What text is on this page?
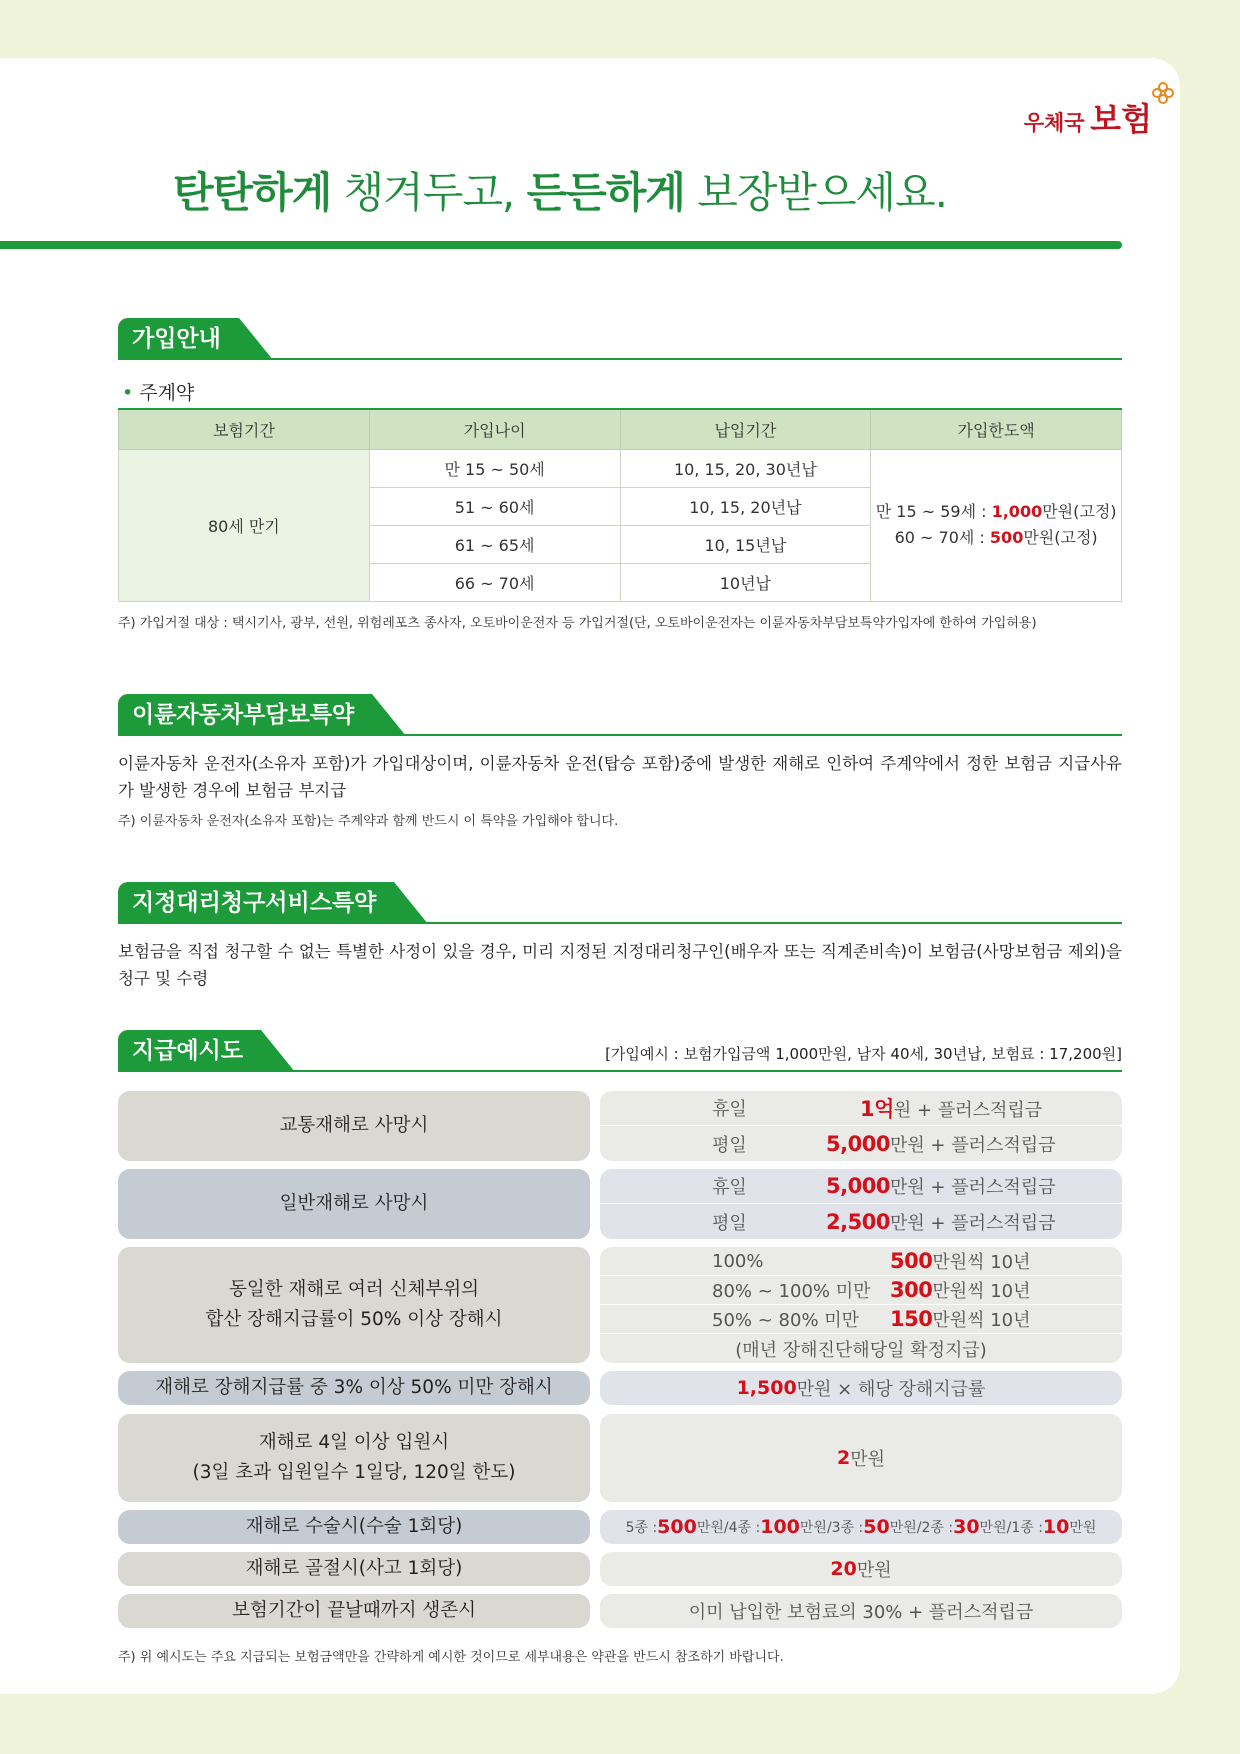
우체국 보험
탄탄하게 챙겨두고, 든든하게 보장받으세요.
가입안내
• 주계약
보험기간	가입나이	납입기간	가입한도액
80세 만기	만 15 ~ 50세	10, 15, 20, 30년납	만 15 ~ 59세 : 1,000만원(고정)
60 ~ 70세 : 500만원(고정)

	51 ~ 60세	10, 15, 20년납	
	61 ~ 65세	10, 15년납	
	66 ~ 70세	10년납	
주) 가입거절 대상 : 택시기사, 광부, 선원, 위험레포츠 종사자, 오토바이운전자 등 가입거절(단, 오토바이운전자는 이륜자동차부담보특약가입자에 한하여 가입허용)
이륜자동차부담보특약
이륜자동차 운전자(소유자 포함)가 가입대상이며, 이륜자동차 운전(탑승 포함)중에 발생한 재해로 인하여 주계약에서 정한 보험금 지급사유가 발생한 경우에 보험금 부지급
주) 이륜자동차 운전자(소유자 포함)는 주계약과 함께 반드시 이 특약을 가입해야 합니다.
지정대리청구서비스특약
보험금을 직접 청구할 수 없는 특별한 사정이 있을 경우, 미리 지정된 지정대리청구인(배우자 또는 직계존비속)이 보험금(사망보험금 제외)을 청구 및 수령
지급예시도	[가입예시 : 보험가입금액 1,000만원, 남자 40세, 30년납, 보험료 : 17,200원]
교통재해로 사망시
휴일	1억원 + 플러스적립금
평일	5,000만원 + 플러스적립금
일반재해로 사망시
휴일	5,000만원 + 플러스적립금
평일	2,500만원 + 플러스적립금
동일한 재해로 여러 신체부위의
합산 장해지급률이 50% 이상 장해시
100%	500만원씩 10년
80% ~ 100% 미만 300만원씩 10년
50% ~ 80% 미만 150만원씩 10년
(매년 장해진단해당일 확정지급)
재해로 장해지급률 중 3% 이상 50% 미만 장해시	1,500 만원 × 해당 장해지급률
재해로 4일 이상 입원시
(3일 초과 입원일수 1일당, 120일 한도)
2 만원
재해로 수술시(수술 1회당)	5종 : 500 만원/ 4종 : 100 만원/ 3종 : 50 만원/ 2종 : 30 만원/ 1종 : 10 만원
재해로 골절시(사고 1회당)	20 만원
보험기간이 끝날때까지 생존시	이미 납입한 보험료의 30% + 플러스적립금
주) 위 예시도는 주요 지급되는 보험금액만을 간략하게 예시한 것이므로 세부내용은 약관을 반드시 참조하기 바랍니다.
